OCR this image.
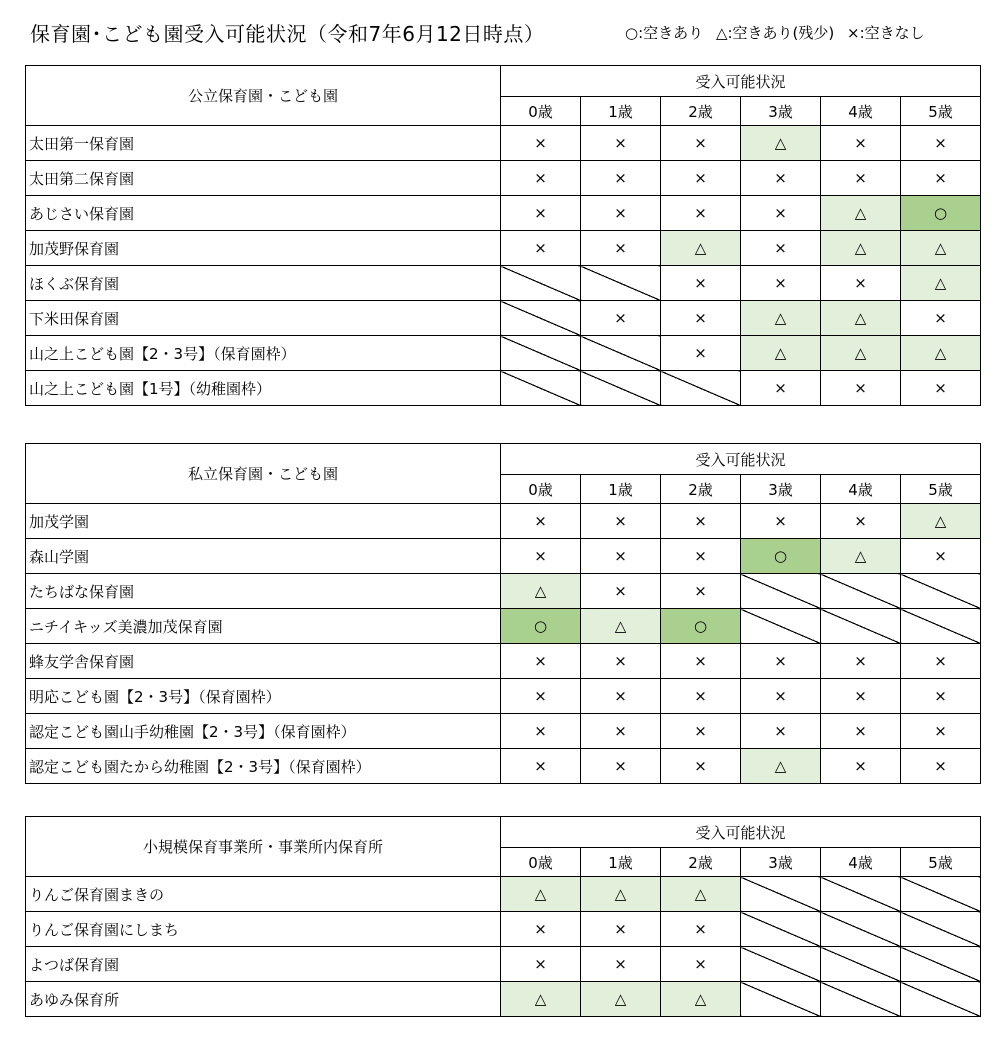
保育園･こども園受入可能状況（令和7年6月12日時点）	○:空きあり △:空きあり(残少) ×:空きなし
公立保育園・こども園	受入可能状況					
	0歳	1歳	2歳	3歳	4歳	5歳
太田第一保育園	×	×	×	△	×	×
太田第二保育園	×	×	×	×	×	×
あじさい保育園	×	×	×	×	△	○
加茂野保育園	×	×	△	×	△	△
ほくぶ保育園			×	×	×	△
下米田保育園		×	×	△	△	×
山之上こども園【2・3号】（保育園枠）			×	△	△	△
山之上こども園【1号】（幼稚園枠）				×	×	×
私立保育園・こども園	受入可能状況					
	0歳	1歳	2歳	3歳	4歳	5歳
加茂学園	×	×	×	×	×	△
森山学園	×	×	×	○	△	×
たちばな保育園	△	×	×			
ニチイキッズ美濃加茂保育園	○	△	○			
蜂友学舎保育園	×	×	×	×	×	×
明応こども園【2・3号】（保育園枠）	×	×	×	×	×	×
認定こども園山手幼稚園【2・3号】（保育園枠）	×	×	×	×	×	×
認定こども園たから幼稚園【2・3号】（保育園枠）	×	×	×	△	×	×
小規模保育事業所・事業所内保育所	受入可能状況					
	0歳	1歳	2歳	3歳	4歳	5歳
りんご保育園まきの	△	△	△			
りんご保育園にしまち	×	×	×			
よつば保育園	×	×	×			
あゆみ保育所	△	△	△			
